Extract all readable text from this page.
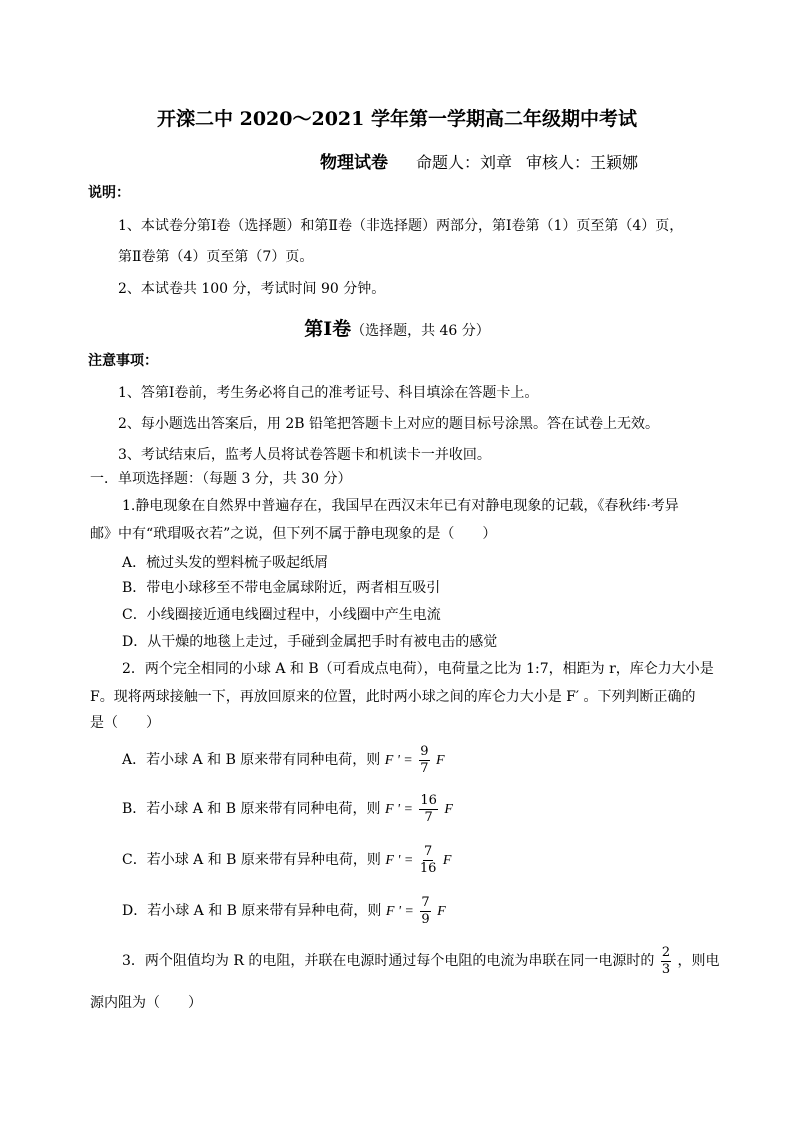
开滦二中 2020～2021 学年第一学期高二年级期中考试
物理试卷 命题人：刘章 审核人：王颖娜
说明：
1、本试卷分第Ⅰ卷（选择题）和第Ⅱ卷（非选择题）两部分，第Ⅰ卷第（1）页至第（4）页，
第Ⅱ卷第（4）页至第（7）页。
2、本试卷共 100 分，考试时间 90 分钟。
第Ⅰ卷（选择题，共 46 分）
注意事项：
1、答第Ⅰ卷前，考生务必将自己的准考证号、科目填涂在答题卡上。
2、每小题选出答案后，用 2B 铅笔把答题卡上对应的题目标号涂黑。答在试卷上无效。
3、考试结束后，监考人员将试卷答题卡和机读卡一并收回。
一．单项选择题：（每题 3 分，共 30 分）
1.静电现象在自然界中普遍存在，我国早在西汉末年已有对静电现象的记载，《春秋纬·考异
邮》中有“玳瑁吸衣若”之说，但下列不属于静电现象的是（　　）
A．梳过头发的塑料梳子吸起纸屑
B．带电小球移至不带电金属球附近，两者相互吸引
C．小线圈接近通电线圈过程中，小线圈中产生电流
D．从干燥的地毯上走过，手碰到金属把手时有被电击的感觉
2．两个完全相同的小球 A 和 B（可看成点电荷），电荷量之比为 1:7，相距为 r，库仑力大小是
F。现将两球接触一下，再放回原来的位置，此时两小球之间的库仑力大小是 F′ 。下列判断正确的
是（　　）
A．若小球 A 和 B 原来带有同种电荷，则 F ' = $\frac{9}{7}$ F
B．若小球 A 和 B 原来带有同种电荷，则 F ' = $\frac{16}{7}$ F
C．若小球 A 和 B 原来带有异种电荷，则 F ' = $\frac{7}{16}$ F
D．若小球 A 和 B 原来带有异种电荷，则 F ' = $\frac{7}{9}$ F
3．两个阻值均为 R 的电阻，并联在电源时通过每个电阻的电流为串联在同一电源时的 $\frac{2}{3}$ ，则电
源内阻为（　　）
